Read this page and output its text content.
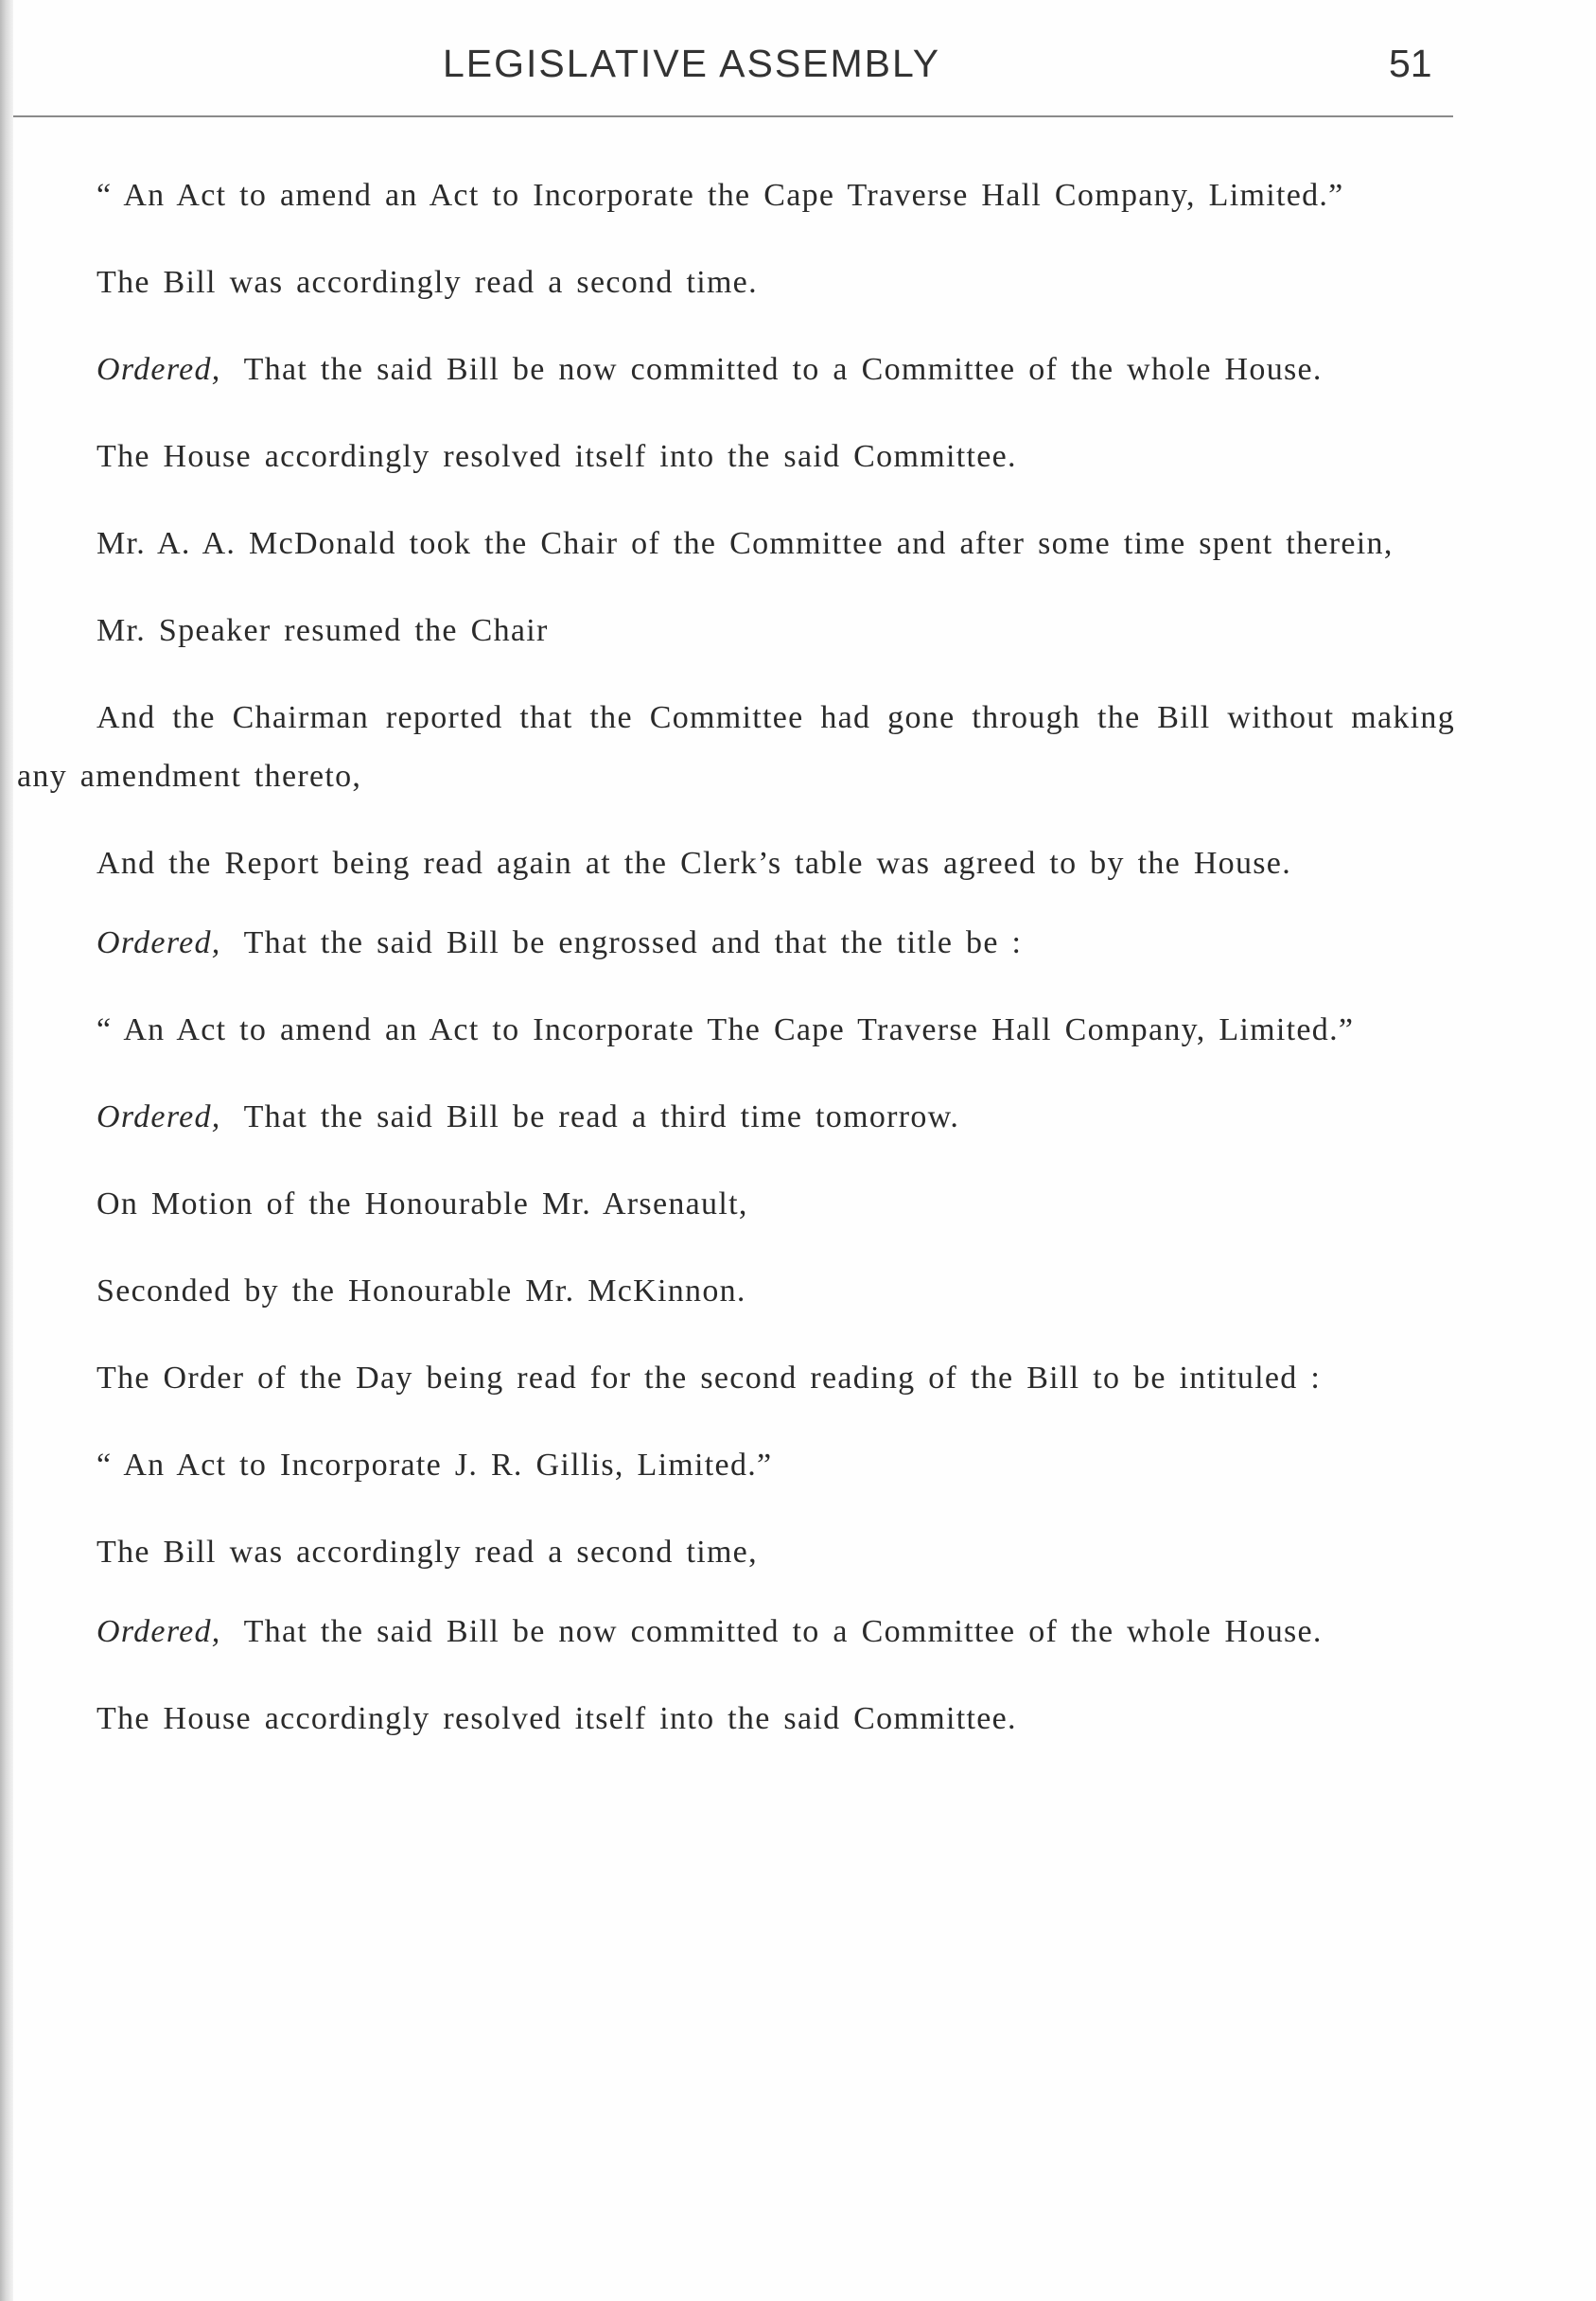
LEGISLATIVE ASSEMBLY	51

“ An Act to amend an Act to Incorporate the Cape Traverse Hall Company, Limited.”

The Bill was accordingly read a second time.

Ordered, That the said Bill be now committed to a Committee of the whole House.

The House accordingly resolved itself into the said Committee.

Mr. A. A. McDonald took the Chair of the Committee and after some time spent therein,

Mr. Speaker resumed the Chair

And the Chairman reported that the Committee had gone through the Bill without making any amendment thereto,

And the Report being read again at the Clerk’s table was agreed to by the House.

Ordered, That the said Bill be engrossed and that the title be :

“ An Act to amend an Act to Incorporate The Cape Traverse Hall Company, Limited.”

Ordered, That the said Bill be read a third time tomorrow.

On Motion of the Honourable Mr. Arsenault,

Seconded by the Honourable Mr. McKinnon.

The Order of the Day being read for the second reading of the Bill to be intituled :

“ An Act to Incorporate J. R. Gillis, Limited.”

The Bill was accordingly read a second time,

Ordered, That the said Bill be now committed to a Committee of the whole House.

The House accordingly resolved itself into the said Committee.
